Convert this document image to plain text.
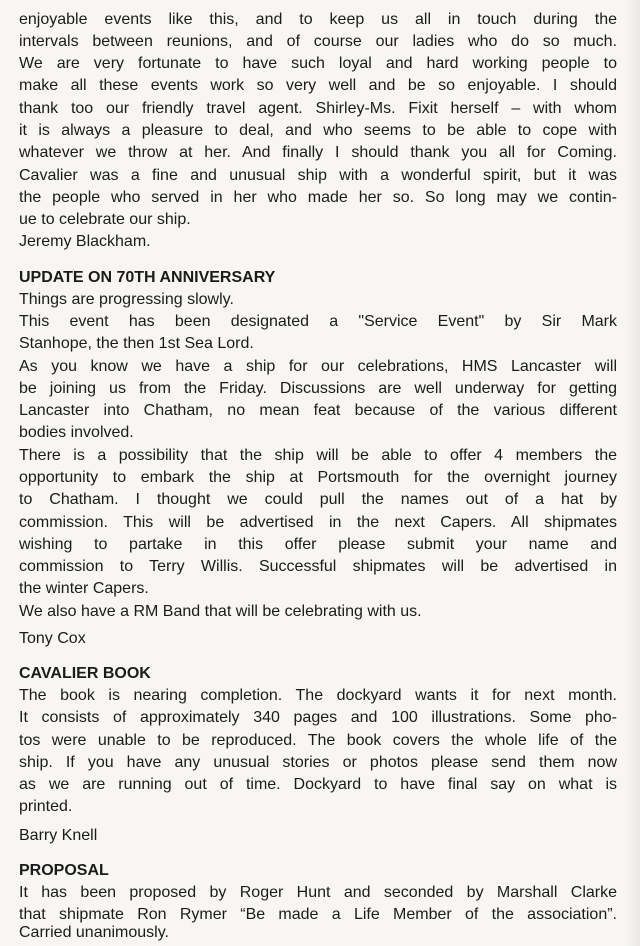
enjoyable events like this, and to keep us all in touch during the
intervals between reunions, and of course our ladies who do so much.
We are very fortunate to have such loyal and hard working people to
make all these events work so very well and be so enjoyable. I should
thank too our friendly travel agent. Shirley-Ms. Fixit herself – with whom
it is always a pleasure to deal, and who seems to be able to cope with
whatever we throw at her. And finally I should thank you all for Coming.
Cavalier was a fine and unusual ship with a wonderful spirit, but it was
the people who served in her who made her so. So long may we contin-
ue to celebrate our ship.
Jeremy Blackham.
UPDATE ON 70TH ANNIVERSARY
Things are progressing slowly.
This event has been designated a "Service Event" by Sir Mark
Stanhope, the then 1st Sea Lord.
As you know we have a ship for our celebrations, HMS Lancaster will
be joining us from the Friday. Discussions are well underway for getting
Lancaster into Chatham, no mean feat because of the various different
bodies involved.
There is a possibility that the ship will be able to offer 4 members the
opportunity to embark the ship at Portsmouth for the overnight journey
to Chatham. I thought we could pull the names out of a hat by
commission. This will be advertised in the next Capers. All shipmates
wishing to partake in this offer please submit your name and
commission to Terry Willis. Successful shipmates will be advertised in
the winter Capers.
We also have a RM Band that will be celebrating with us.
Tony Cox
CAVALIER BOOK
The book is nearing completion. The dockyard wants it for next month.
It consists of approximately 340 pages and 100 illustrations. Some pho-
tos were unable to be reproduced. The book covers the whole life of the
ship. If you have any unusual stories or photos please send them now
as we are running out of time. Dockyard to have final say on what is
printed.
Barry Knell
PROPOSAL
It has been proposed by Roger Hunt and seconded by Marshall Clarke
that shipmate Ron Rymer “Be made a Life Member of the association”.
Carried unanimously.
